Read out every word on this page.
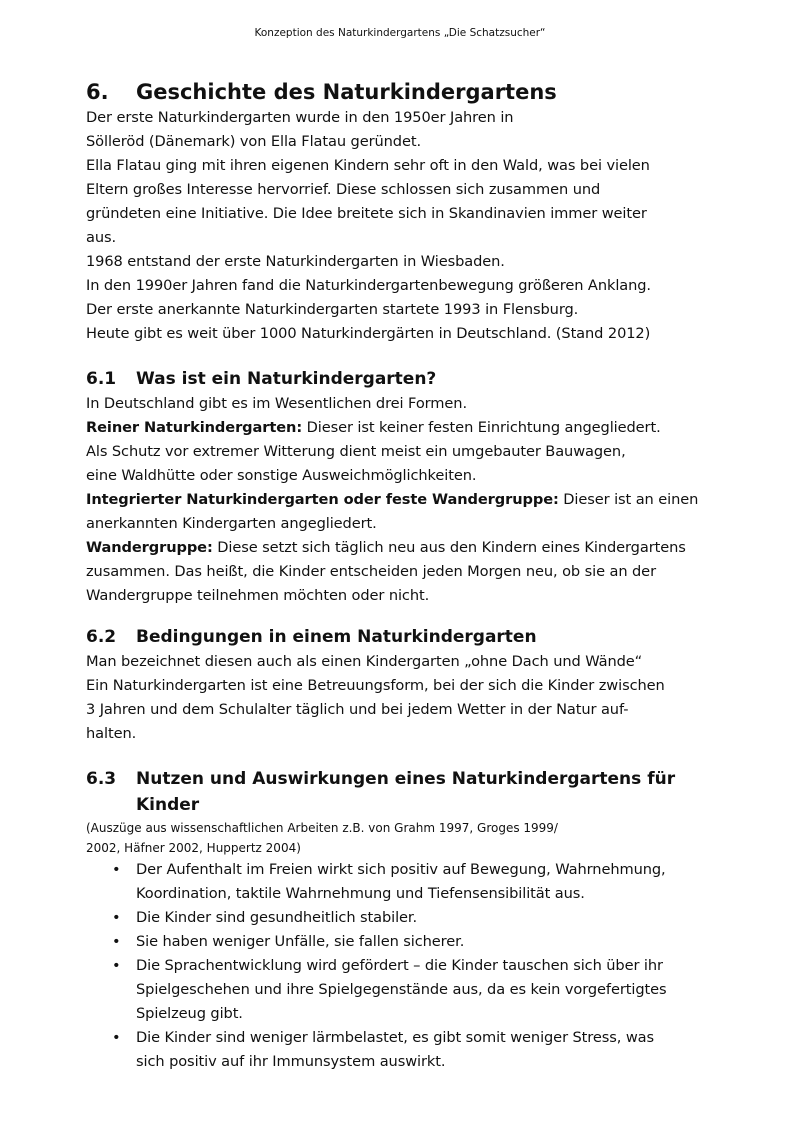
Konzeption des Naturkindergartens „Die Schatzsucher“
6. Geschichte des Naturkindergartens
Der erste Naturkindergarten wurde in den 1950er Jahren in
Sölleröd (Dänemark) von Ella Flatau geründet.
Ella Flatau ging mit ihren eigenen Kindern sehr oft in den Wald, was bei vielen
Eltern großes Interesse hervorrief. Diese schlossen sich zusammen und
gründeten eine Initiative. Die Idee breitete sich in Skandinavien immer weiter
aus.
1968 entstand der erste Naturkindergarten in Wiesbaden.
In den 1990er Jahren fand die Naturkindergartenbewegung größeren Anklang.
Der erste anerkannte Naturkindergarten startete 1993 in Flensburg.
Heute gibt es weit über 1000 Naturkindergärten in Deutschland. (Stand 2012)
6.1 Was ist ein Naturkindergarten?
In Deutschland gibt es im Wesentlichen drei Formen.
Reiner Naturkindergarten: Dieser ist keiner festen Einrichtung angegliedert.
Als Schutz vor extremer Witterung dient meist ein umgebauter Bauwagen,
eine Waldhütte oder sonstige Ausweichmöglichkeiten.
Integrierter Naturkindergarten oder feste Wandergruppe: Dieser ist an einen
anerkannten Kindergarten angegliedert.
Wandergruppe: Diese setzt sich täglich neu aus den Kindern eines Kindergartens
zusammen. Das heißt, die Kinder entscheiden jeden Morgen neu, ob sie an der
Wandergruppe teilnehmen möchten oder nicht.
6.2 Bedingungen in einem Naturkindergarten
Man bezeichnet diesen auch als einen Kindergarten „ohne Dach und Wände“
Ein Naturkindergarten ist eine Betreuungsform, bei der sich die Kinder zwischen
3 Jahren und dem Schulalter täglich und bei jedem Wetter in der Natur auf-
halten.
6.3 Nutzen und Auswirkungen eines Naturkindergartens für
Kinder
(Auszüge aus wissenschaftlichen Arbeiten z.B. von Grahm 1997, Groges 1999/
2002, Häfner 2002, Huppertz 2004)
• Der Aufenthalt im Freien wirkt sich positiv auf Bewegung, Wahrnehmung,
Koordination, taktile Wahrnehmung und Tiefensensibilität aus.
• Die Kinder sind gesundheitlich stabiler.
• Sie haben weniger Unfälle, sie fallen sicherer.
• Die Sprachentwicklung wird gefördert – die Kinder tauschen sich über ihr
Spielgeschehen und ihre Spielgegenstände aus, da es kein vorgefertigtes
Spielzeug gibt.
• Die Kinder sind weniger lärmbelastet, es gibt somit weniger Stress, was
sich positiv auf ihr Immunsystem auswirkt.
